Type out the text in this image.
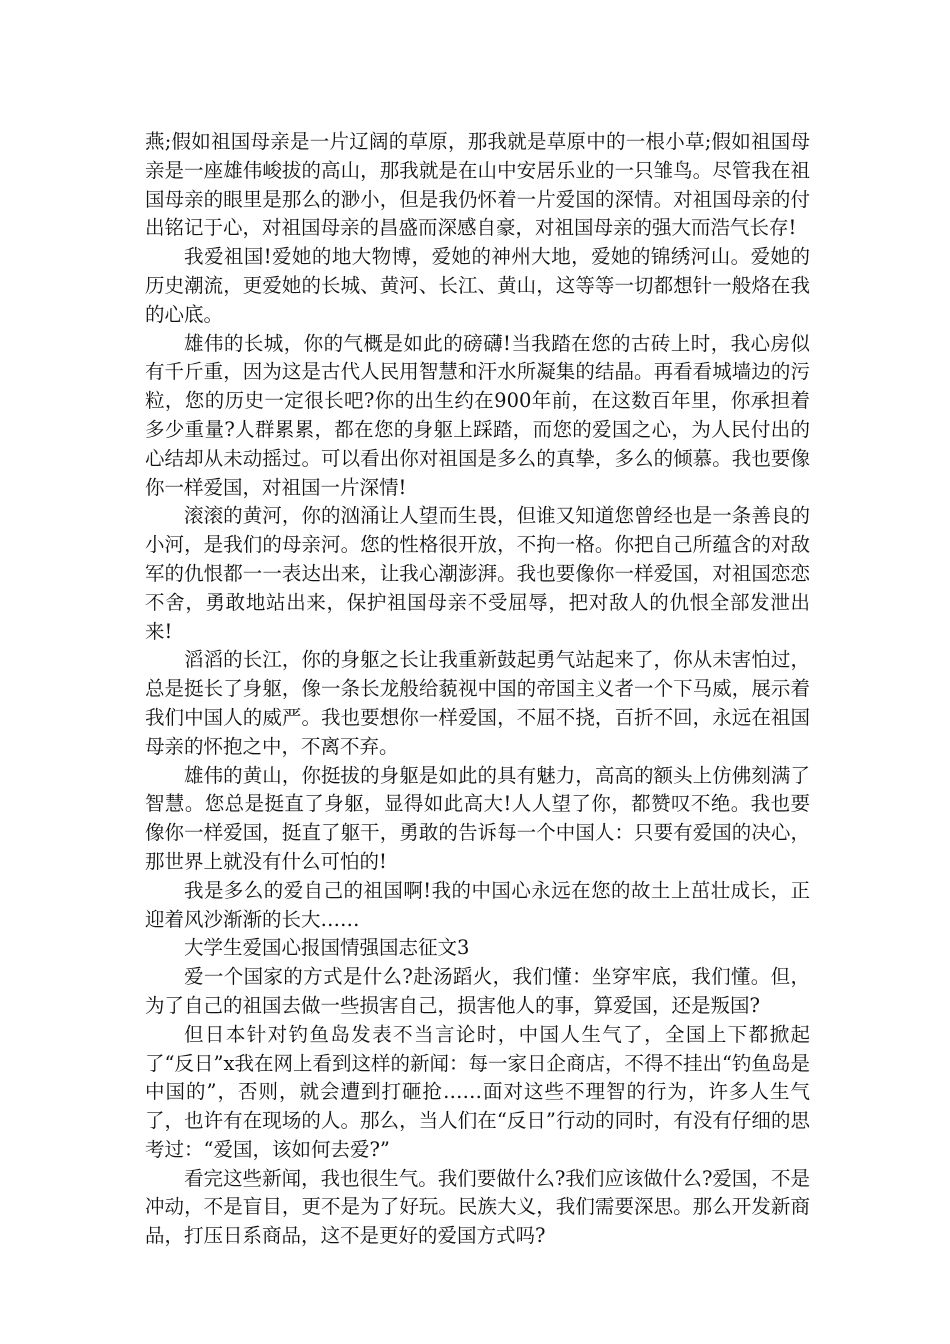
燕;假如祖国母亲是一片辽阔的草原，那我就是草原中的一根小草;假如祖国母亲是一座雄伟峻拔的高山，那我就是在山中安居乐业的一只雏鸟。尽管我在祖国母亲的眼里是那么的渺小，但是我仍怀着一片爱国的深情。对祖国母亲的付出铭记于心，对祖国母亲的昌盛而深感自豪，对祖国母亲的强大而浩气长存!

我爱祖国!爱她的地大物博，爱她的神州大地，爱她的锦绣河山。爱她的历史潮流，更爱她的长城、黄河、长江、黄山，这等等一切都想针一般烙在我的心底。

雄伟的长城，你的气概是如此的磅礴!当我踏在您的古砖上时，我心房似有千斤重，因为这是古代人民用智慧和汗水所凝集的结晶。再看看城墙边的污粒，您的历史一定很长吧?你的出生约在900年前，在这数百年里，你承担着多少重量?人群累累，都在您的身躯上踩踏，而您的爱国之心，为人民付出的心结却从未动摇过。可以看出你对祖国是多么的真挚，多么的倾慕。我也要像你一样爱国，对祖国一片深情!

滚滚的黄河，你的汹涌让人望而生畏，但谁又知道您曾经也是一条善良的小河，是我们的母亲河。您的性格很开放，不拘一格。你把自己所蕴含的对敌军的仇恨都一一表达出来，让我心潮澎湃。我也要像你一样爱国，对祖国恋恋不舍，勇敢地站出来，保护祖国母亲不受屈辱，把对敌人的仇恨全部发泄出来!

滔滔的长江，你的身躯之长让我重新鼓起勇气站起来了，你从未害怕过，总是挺长了身躯，像一条长龙般给藐视中国的帝国主义者一个下马威，展示着我们中国人的威严。我也要想你一样爱国，不屈不挠，百折不回，永远在祖国母亲的怀抱之中，不离不弃。

雄伟的黄山，你挺拔的身躯是如此的具有魅力，高高的额头上仿佛刻满了智慧。您总是挺直了身躯，显得如此高大!人人望了你，都赞叹不绝。我也要像你一样爱国，挺直了躯干，勇敢的告诉每一个中国人：只要有爱国的决心，那世界上就没有什么可怕的!

我是多么的爱自己的祖国啊!我的中国心永远在您的故土上茁壮成长，正迎着风沙渐渐的长大……

大学生爱国心报国情强国志征文3

爱一个国家的方式是什么?赴汤蹈火，我们懂：坐穿牢底，我们懂。但，为了自己的祖国去做一些损害自己，损害他人的事，算爱国，还是叛国?

但日本针对钓鱼岛发表不当言论时，中国人生气了，全国上下都掀起了“反日”x我在网上看到这样的新闻：每一家日企商店，不得不挂出“钓鱼岛是中国的”，否则，就会遭到打砸抢……面对这些不理智的行为，许多人生气了，也许有在现场的人。那么，当人们在“反日”行动的同时，有没有仔细的思考过：“爱国，该如何去爱?”

看完这些新闻，我也很生气。我们要做什么?我们应该做什么?爱国，不是冲动，不是盲目，更不是为了好玩。民族大义，我们需要深思。那么开发新商品，打压日系商品，这不是更好的爱国方式吗?
